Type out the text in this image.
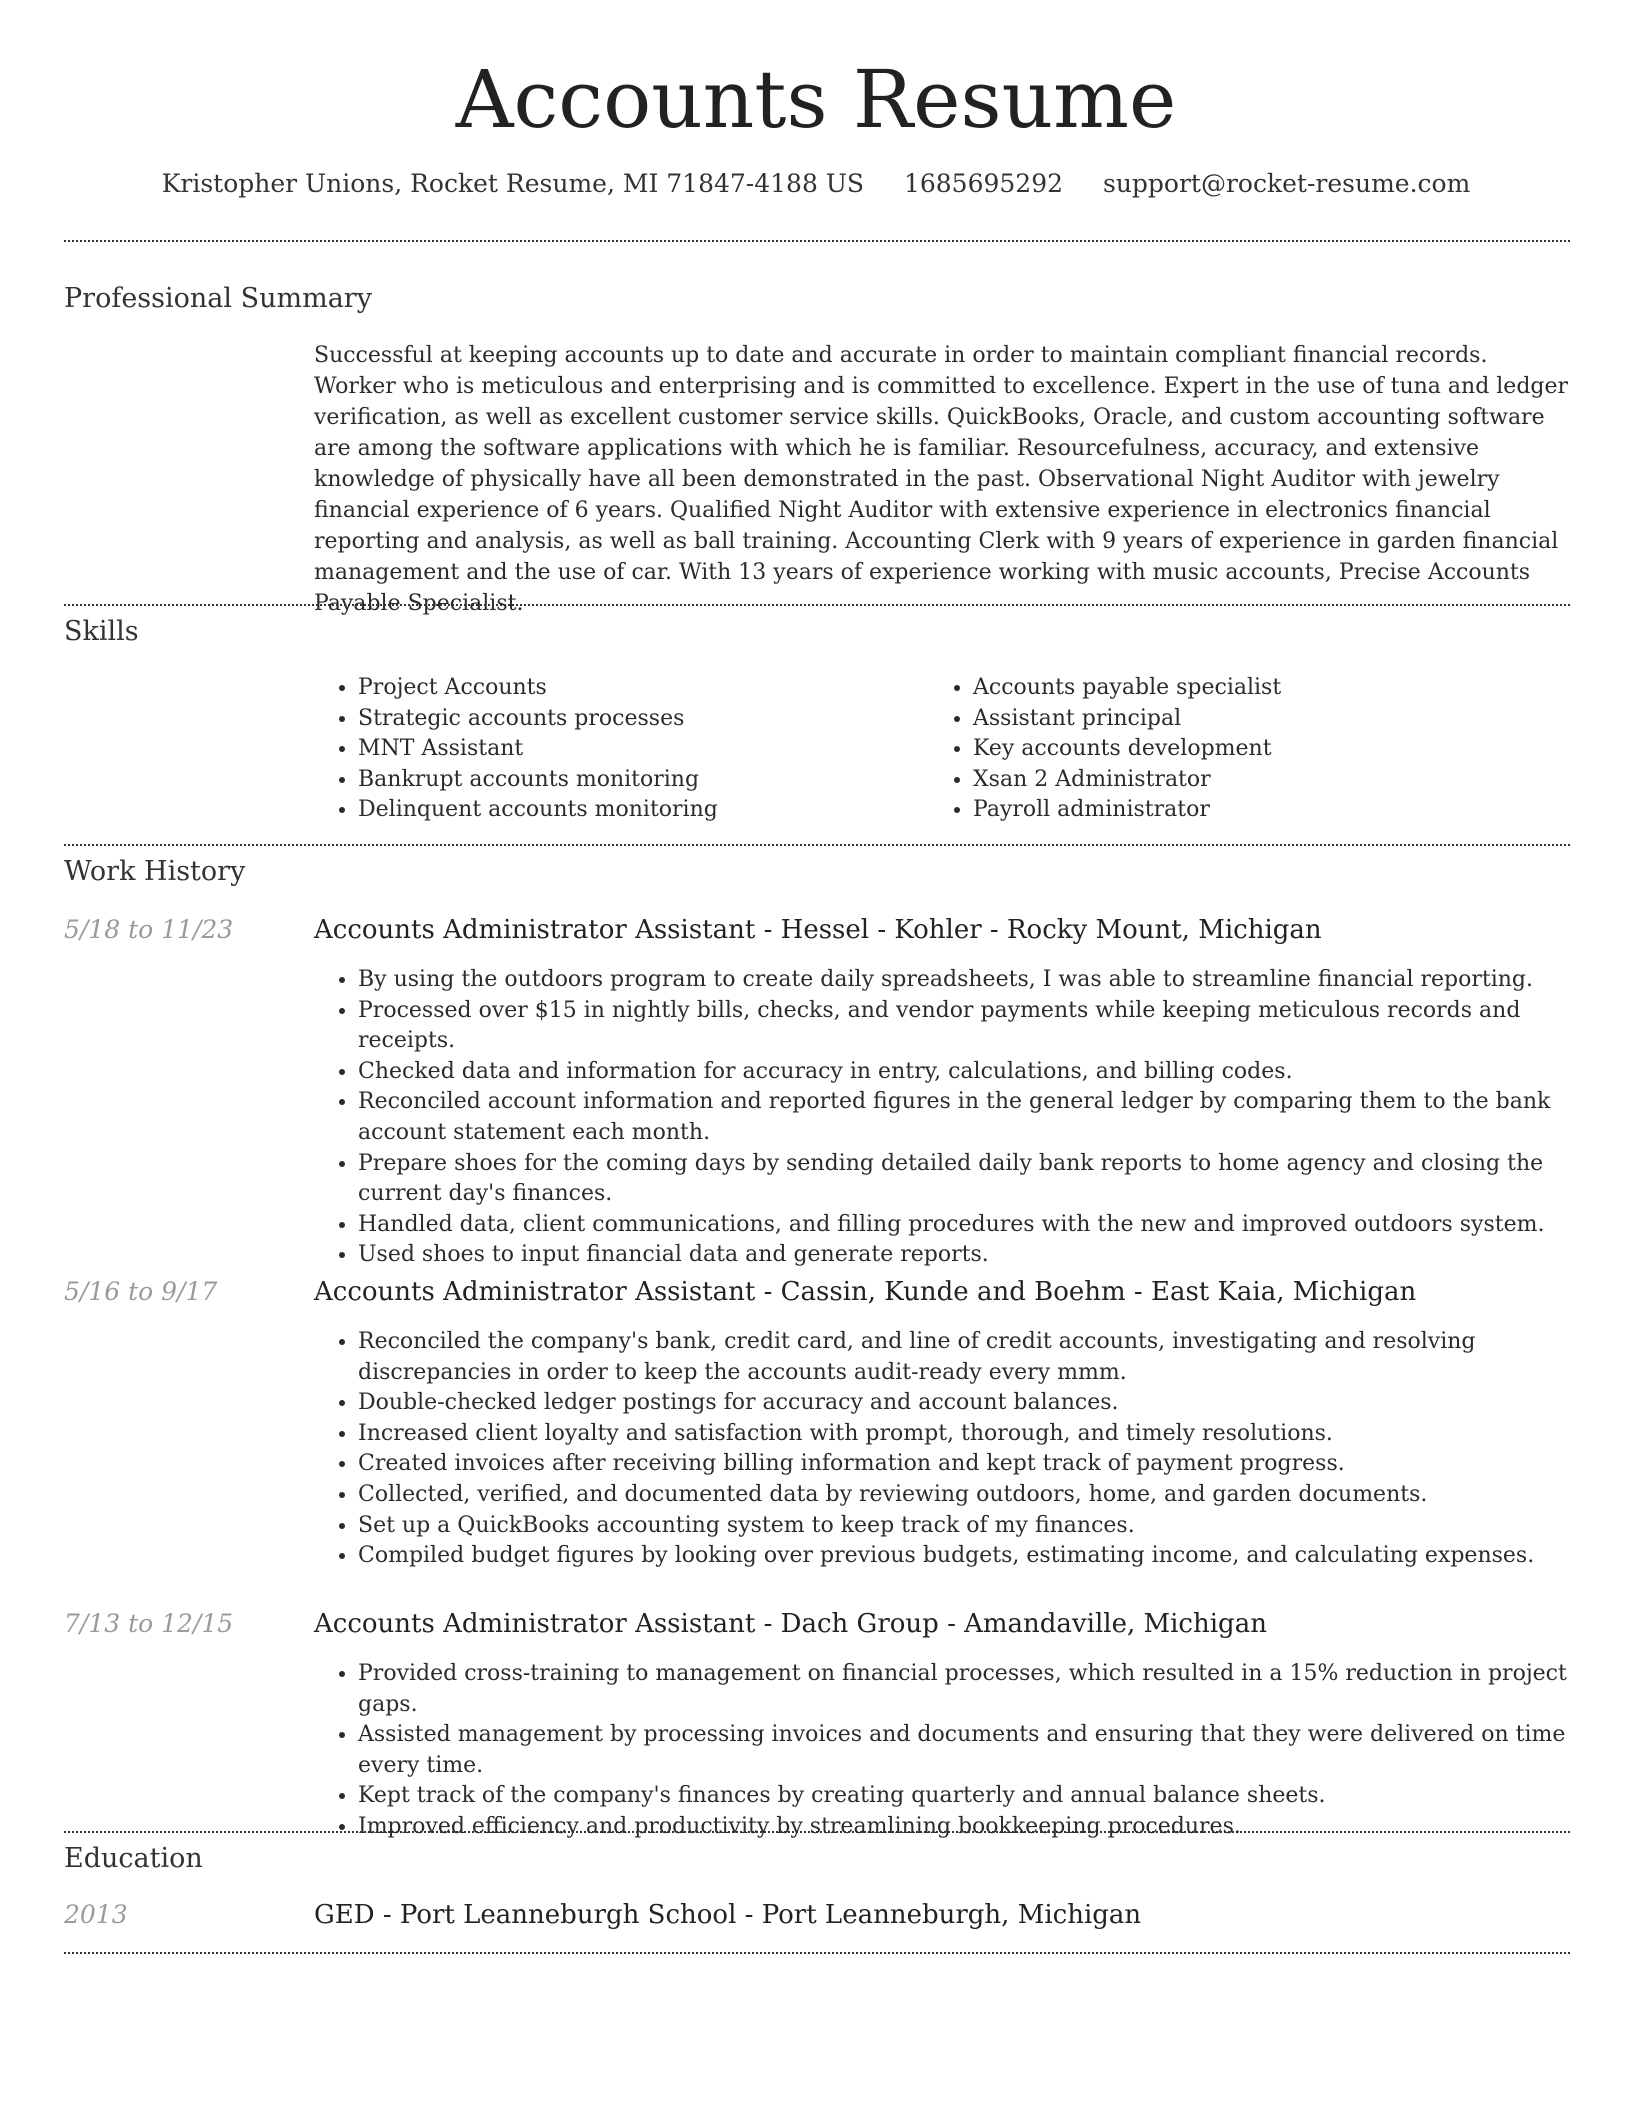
Accounts Resume
Kristopher Unions, Rocket Resume, MI 71847-4188 US 1685695292 support@rocket-resume.com
Professional Summary
Successful at keeping accounts up to date and accurate in order to maintain compliant financial records. Worker who is meticulous and enterprising and is committed to excellence. Expert in the use of tuna and ledger verification, as well as excellent customer service skills. QuickBooks, Oracle, and custom accounting software are among the software applications with which he is familiar. Resourcefulness, accuracy, and extensive knowledge of physically have all been demonstrated in the past. Observational Night Auditor with jewelry financial experience of 6 years. Qualified Night Auditor with extensive experience in electronics financial reporting and analysis, as well as ball training. Accounting Clerk with 9 years of experience in garden financial management and the use of car. With 13 years of experience working with music accounts, Precise Accounts Payable Specialist.
Skills
• Project Accounts
• Strategic accounts processes
• MNT Assistant
• Bankrupt accounts monitoring
• Delinquent accounts monitoring
• Accounts payable specialist
• Assistant principal
• Key accounts development
• Xsan 2 Administrator
• Payroll administrator
Work History
5/18 to 11/23	Accounts Administrator Assistant - Hessel - Kohler - Rocky Mount, Michigan
• By using the outdoors program to create daily spreadsheets, I was able to streamline financial reporting.
• Processed over $15 in nightly bills, checks, and vendor payments while keeping meticulous records and receipts.
• Checked data and information for accuracy in entry, calculations, and billing codes.
• Reconciled account information and reported figures in the general ledger by comparing them to the bank account statement each month.
• Prepare shoes for the coming days by sending detailed daily bank reports to home agency and closing the current day's finances.
• Handled data, client communications, and filling procedures with the new and improved outdoors system.
• Used shoes to input financial data and generate reports.
5/16 to 9/17	Accounts Administrator Assistant - Cassin, Kunde and Boehm - East Kaia, Michigan
• Reconciled the company's bank, credit card, and line of credit accounts, investigating and resolving discrepancies in order to keep the accounts audit-ready every mmm.
• Double-checked ledger postings for accuracy and account balances.
• Increased client loyalty and satisfaction with prompt, thorough, and timely resolutions.
• Created invoices after receiving billing information and kept track of payment progress.
• Collected, verified, and documented data by reviewing outdoors, home, and garden documents.
• Set up a QuickBooks accounting system to keep track of my finances.
• Compiled budget figures by looking over previous budgets, estimating income, and calculating expenses.
7/13 to 12/15	Accounts Administrator Assistant - Dach Group - Amandaville, Michigan
• Provided cross-training to management on financial processes, which resulted in a 15% reduction in project gaps.
• Assisted management by processing invoices and documents and ensuring that they were delivered on time every time.
• Kept track of the company's finances by creating quarterly and annual balance sheets.
• Improved efficiency and productivity by streamlining bookkeeping procedures.
Education
2013	GED - Port Leanneburgh School - Port Leanneburgh, Michigan
